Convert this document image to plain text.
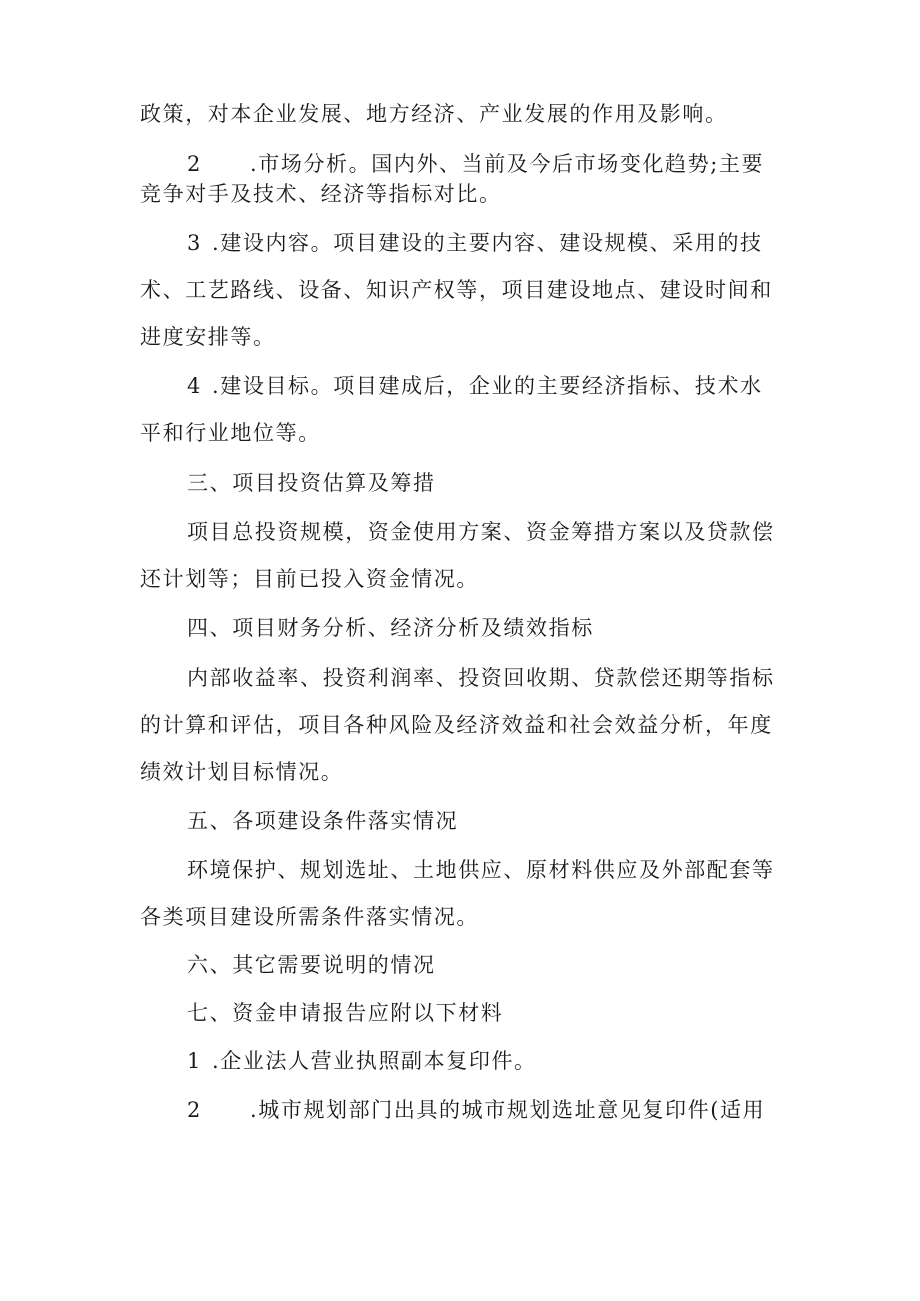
政策，对本企业发展、地方经济、产业发展的作用及影响。
2 .市场分析。国内外、当前及今后市场变化趋势;主要
竞争对手及技术、经济等指标对比。
3 .建设内容。项目建设的主要内容、建设规模、采用的技
术、工艺路线、设备、知识产权等，项目建设地点、建设时间和
进度安排等。
4 .建设目标。项目建成后，企业的主要经济指标、技术水
平和行业地位等。
三、项目投资估算及筹措
项目总投资规模，资金使用方案、资金筹措方案以及贷款偿
还计划等；目前已投入资金情况。
四、项目财务分析、经济分析及绩效指标
内部收益率、投资利润率、投资回收期、贷款偿还期等指标
的计算和评估，项目各种风险及经济效益和社会效益分析，年度
绩效计划目标情况。
五、各项建设条件落实情况
环境保护、规划选址、土地供应、原材料供应及外部配套等
各类项目建设所需条件落实情况。
六、其它需要说明的情况
七、资金申请报告应附以下材料
1 .企业法人营业执照副本复印件。
2 .城市规划部门出具的城市规划选址意见复印件(适用
